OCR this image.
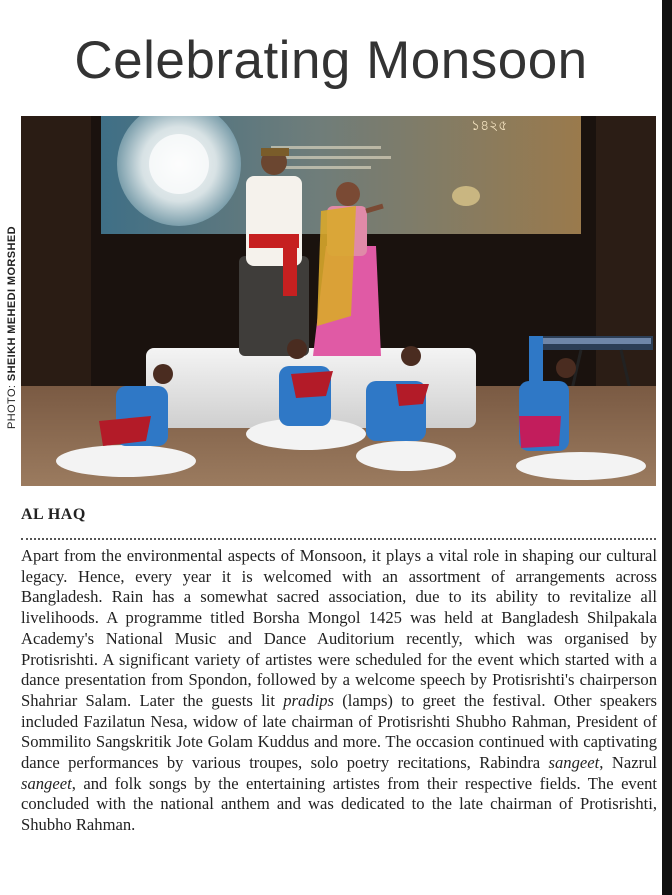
Celebrating Monsoon
PHOTO: SHEIKH MEHEDI MORSHED
১৪২৫

AL HAQ

Apart from the environmental aspects of Monsoon, it plays a vital role in shaping our cultural legacy. Hence, every year it is welcomed with an assortment of arrangements across Bangladesh. Rain has a somewhat sacred association, due to its ability to revitalize all livelihoods. A programme titled Borsha Mongol 1425 was held at Bangladesh Shilpakala Academy's National Music and Dance Auditorium recently, which was organised by Protisrishti. A significant variety of artistes were scheduled for the event which started with a dance presentation from Spondon, followed by a welcome speech by Protisrishti's chairperson Shahriar Salam. Later the guests lit pradips (lamps) to greet the festival. Other speakers included Fazilatun Nesa, widow of late chairman of Protisrishti Shubho Rahman, President of Sommilito Sangskritik Jote Golam Kuddus and more. The occasion continued with captivating dance performances by various troupes, solo poetry recitations, Rabindra sangeet, Nazrul sangeet, and folk songs by the entertaining artistes from their respective fields. The event concluded with the national anthem and was dedicated to the late chairman of Protisrishti, Shubho Rahman.
